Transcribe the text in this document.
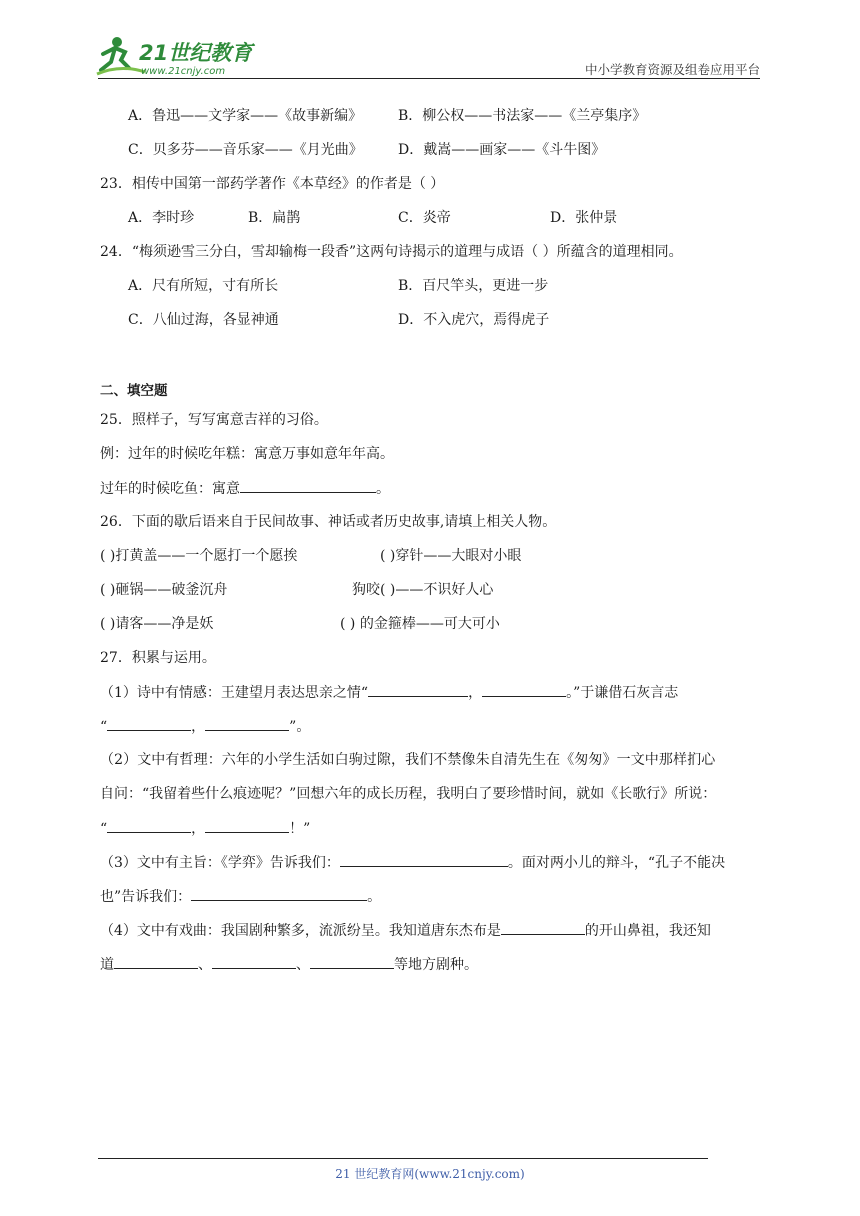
21世纪教育
www.21cnjy.com	中小学教育资源及组卷应用平台
A．鲁迅——文学家——《故事新编》	B．柳公权——书法家——《兰亭集序》
C．贝多芬——音乐家——《月光曲》	D．戴嵩——画家——《斗牛图》
23．相传中国第一部药学著作《本草经》的作者是（ ）
A．李时珍	B．扁鹊	C．炎帝	D．张仲景
24．“梅须逊雪三分白，雪却输梅一段香”这两句诗揭示的道理与成语（ ）所蕴含的道理相同。
A．尺有所短，寸有所长	B．百尺竿头，更进一步
C．八仙过海，各显神通	D．不入虎穴，焉得虎子
二、填空题
25．照样子，写写寓意吉祥的习俗。
例：过年的时候吃年糕：寓意万事如意年年高。
过年的时候吃鱼：寓意	。
26．下面的歇后语来自于民间故事、神话或者历史故事,请填上相关人物。
( )打黄盖——一个愿打一个愿挨	( )穿针——大眼对小眼
( )砸锅——破釜沉舟	狗咬( )——不识好人心
( )请客——净是妖	( ) 的金箍棒——可大可小
27．积累与运用。
（1）诗中有情感：王建望月表达思亲之情“	，	。”于谦借石灰言志
“	，	”。
（2）文中有哲理：六年的小学生活如白驹过隙，我们不禁像朱自清先生在《匆匆》一文中那样扪心
自问：“我留着些什么痕迹呢？”回想六年的成长历程，我明白了要珍惜时间，就如《长歌行》所说：
“	，	！”
（3）文中有主旨：《学弈》告诉我们：	。面对两小儿的辩斗，“孔子不能决
也”告诉我们：	。
（4）文中有戏曲：我国剧种繁多，流派纷呈。我知道唐东杰布是	的开山鼻祖，我还知
道	、	、	等地方剧种。
21 世纪教育网(www.21cnjy.com)
